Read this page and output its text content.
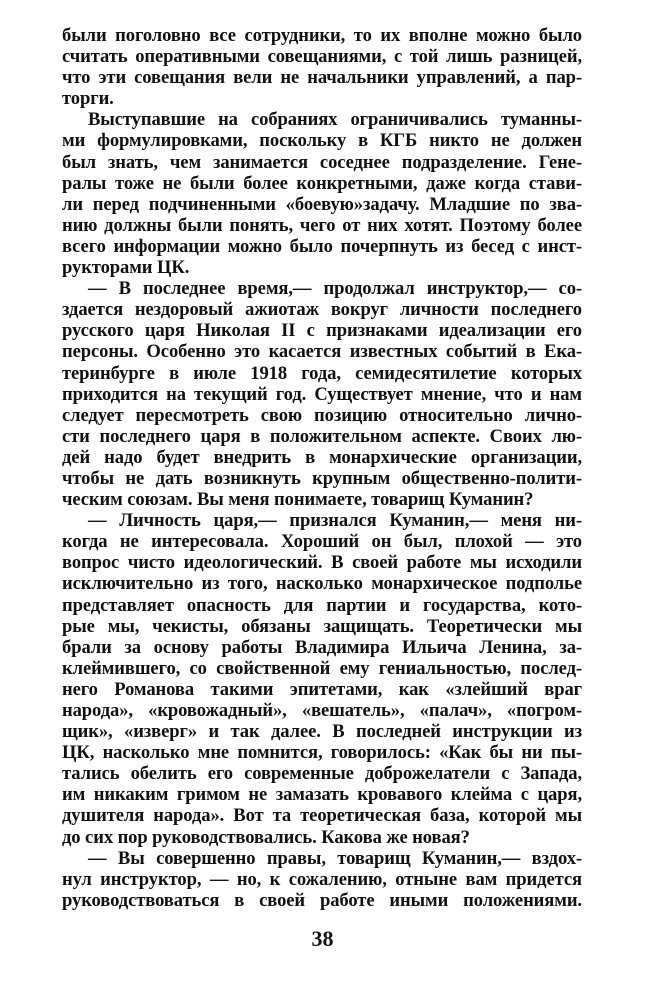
были поголовно все сотрудники, то их вполне можно было
считать оперативными совещаниями, с той лишь разницей,
что эти совещания вели не начальники управлений, а пар-
торги.
Выступавшие на собраниях ограничивались туманны-
ми формулировками, поскольку в КГБ никто не должен
был знать, чем занимается соседнее подразделение. Гене-
ралы тоже не были более конкретными, даже когда стави-
ли перед подчиненными «боевую»задачу. Младшие по зва-
нию должны были понять, чего от них хотят. Поэтому более
всего информации можно было почерпнуть из бесед с инст-
рукторами ЦК.
— В последнее время,— продолжал инструктор,— со-
здается нездоровый ажиотаж вокруг личности последнего
русского царя Николая II с признаками идеализации его
персоны. Особенно это касается известных событий в Ека-
теринбурге в июле 1918 года, семидесятилетие которых
приходится на текущий год. Существует мнение, что и нам
следует пересмотреть свою позицию относительно лично-
сти последнего царя в положительном аспекте. Своих лю-
дей надо будет внедрить в монархические организации,
чтобы не дать возникнуть крупным общественно-полити-
ческим союзам. Вы меня понимаете, товарищ Куманин?
— Личность царя,— признался Куманин,— меня ни-
когда не интересовала. Хороший он был, плохой — это
вопрос чисто идеологический. В своей работе мы исходили
исключительно из того, насколько монархическое подполье
представляет опасность для партии и государства, кото-
рые мы, чекисты, обязаны защищать. Теоретически мы
брали за основу работы Владимира Ильича Ленина, за-
клеймившего, со свойственной ему гениальностью, послед-
него Романова такими эпитетами, как «злейший враг
народа», «кровожадный», «вешатель», «палач», «погром-
щик», «изверг» и так далее. В последней инструкции из
ЦК, насколько мне помнится, говорилось: «Как бы ни пы-
тались обелить его современные доброжелатели с Запада,
им никаким гримом не замазать кровавого клейма с царя,
душителя народа». Вот та теоретическая база, которой мы
до сих пор руководствовались. Какова же новая?
— Вы совершенно правы, товарищ Куманин,— вздох-
нул инструктор, — но, к сожалению, отныне вам придется
руководствоваться в своей работе иными положениями.
38
